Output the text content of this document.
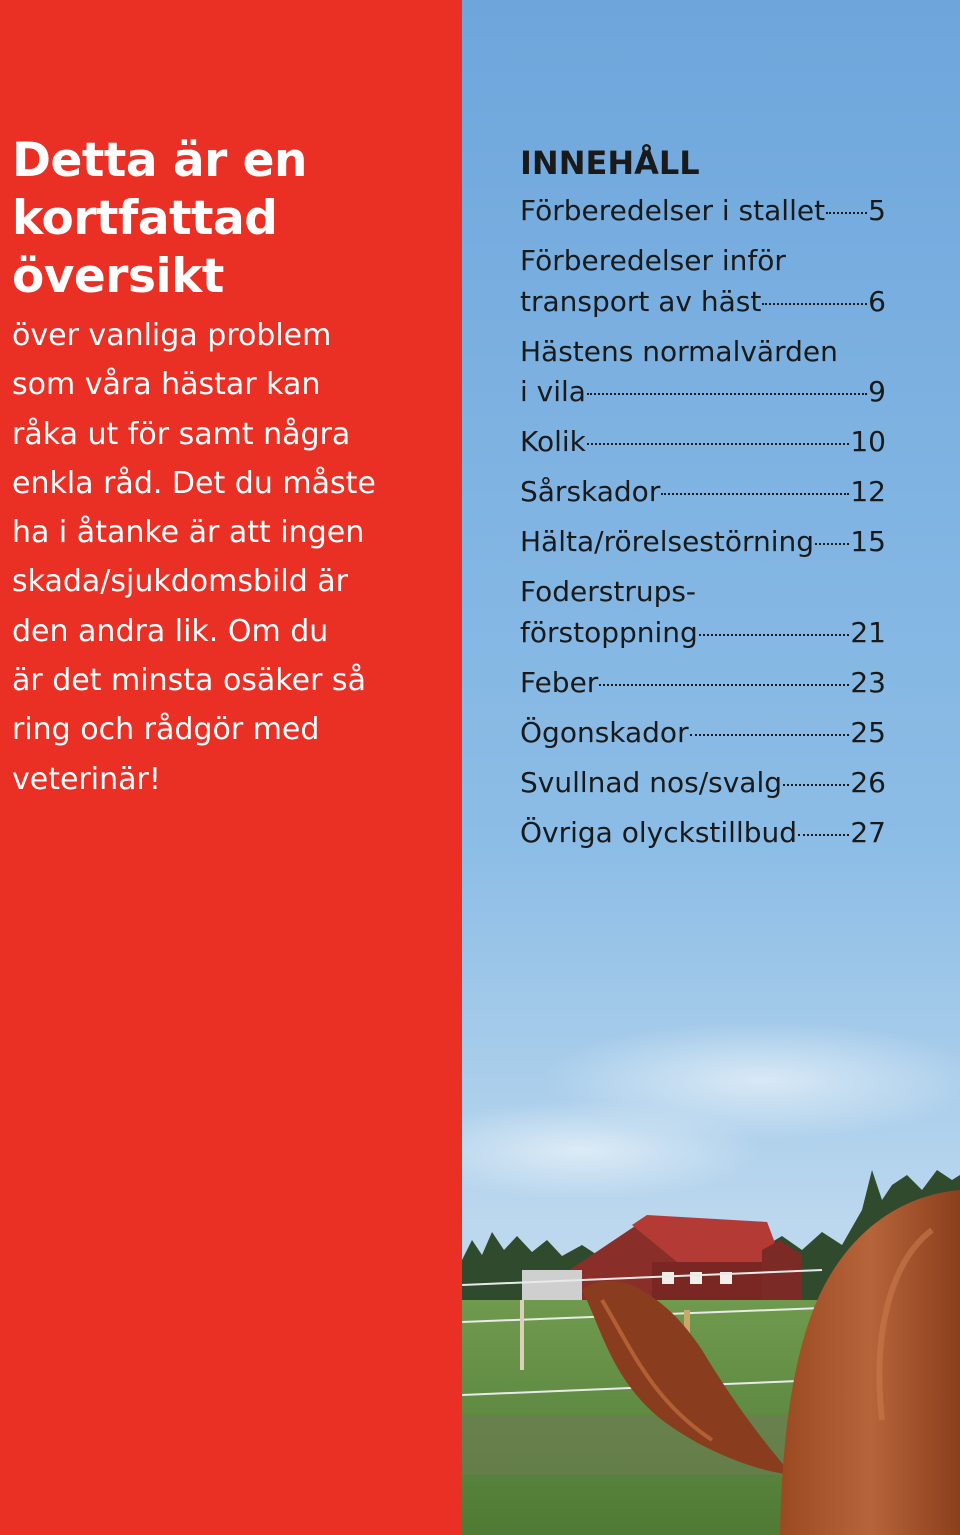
Detta är en
kortfattad
översikt

över vanliga problem
som våra hästar kan
råka ut för samt några
enkla råd. Det du måste
ha i åtanke är att ingen
skada/sjukdomsbild är
den andra lik. Om du
är det minsta osäker så
ring och rådgör med
veterinär!

INNEHÅLL
Förberedelser i stallet 5
Förberedelser inför
transport av häst	6
Hästens normalvärden
i vila	9
Kolik	10
Sårskador	12
Hälta/rörelsestörning 15
Foderstrups-
förstoppning	21
Feber	23
Ögonskador	25
Svullnad nos/svalg 26
Övriga olyckstillbud 27
